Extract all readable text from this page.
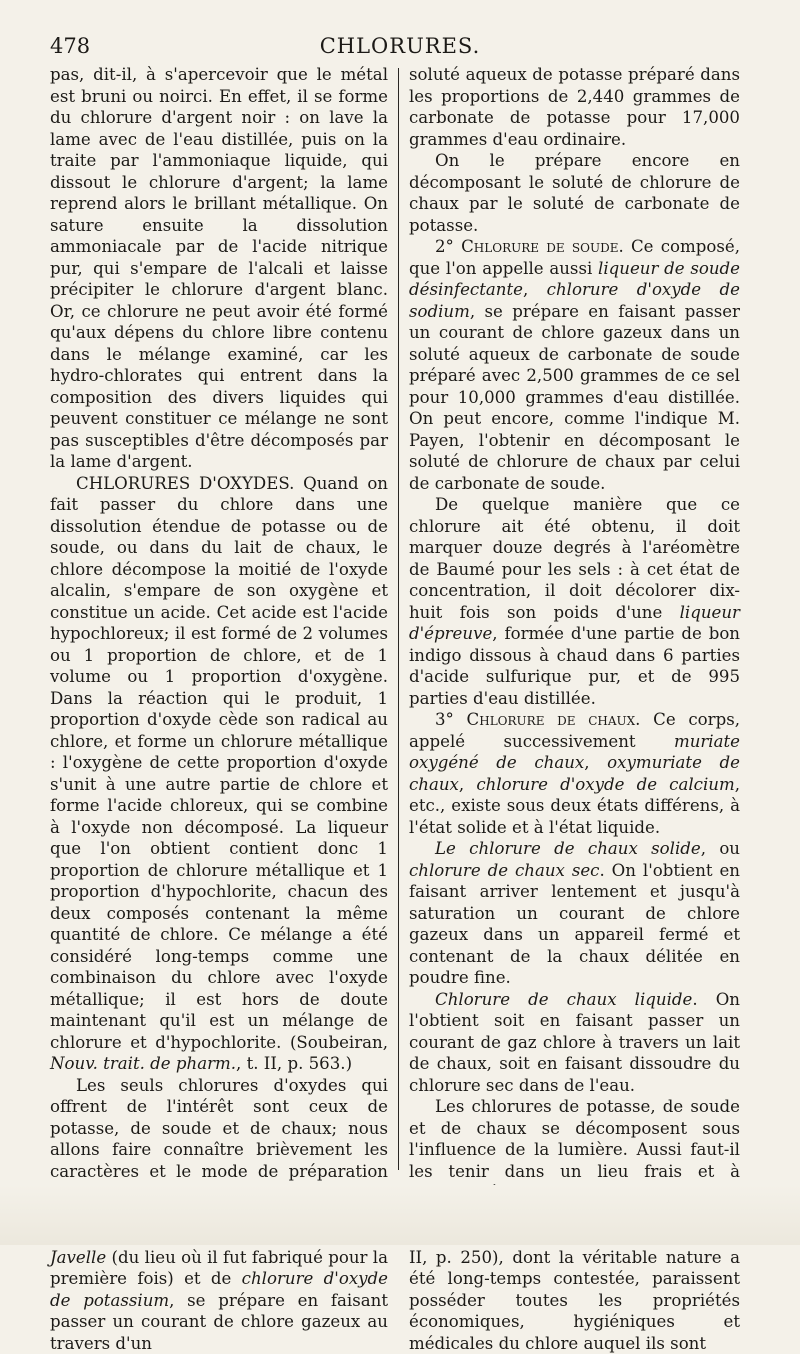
478	CHLORURES.

pas, dit-il, à s'apercevoir que le métal est bruni ou noirci. En effet, il se forme du chlorure d'argent noir : on lave la lame avec de l'eau distillée, puis on la traite par l'ammoniaque liquide, qui dissout le chlorure d'argent; la lame reprend alors le brillant métallique. On sature ensuite la dissolution ammoniacale par de l'acide nitrique pur, qui s'empare de l'alcali et laisse précipiter le chlorure d'argent blanc. Or, ce chlorure ne peut avoir été formé qu'aux dépens du chlore libre contenu dans le mélange examiné, car les hydro-chlorates qui entrent dans la composition des divers liquides qui peuvent constituer ce mélange ne sont pas susceptibles d'être décomposés par la lame d'argent.

CHLORURES D'OXYDES. Quand on fait passer du chlore dans une dissolution étendue de potasse ou de soude, ou dans du lait de chaux, le chlore décompose la moitié de l'oxyde alcalin, s'empare de son oxygène et constitue un acide. Cet acide est l'acide hypochloreux; il est formé de 2 volumes ou 1 proportion de chlore, et de 1 volume ou 1 proportion d'oxygène. Dans la réaction qui le produit, 1 proportion d'oxyde cède son radical au chlore, et forme un chlorure métallique : l'oxygène de cette proportion d'oxyde s'unit à une autre partie de chlore et forme l'acide chloreux, qui se combine à l'oxyde non décomposé. La liqueur que l'on obtient contient donc 1 proportion de chlorure métallique et 1 proportion d'hypochlorite, chacun des deux composés contenant la même quantité de chlore. Ce mélange a été considéré long-temps comme une combinaison du chlore avec l'oxyde métallique; il est hors de doute maintenant qu'il est un mélange de chlorure et d'hypochlorite. (Soubeiran, Nouv. trait. de pharm., t. II, p. 563.)

Les seuls chlorures d'oxydes qui offrent de l'intérêt sont ceux de potasse, de soude et de chaux; nous allons faire connaître brièvement les caractères et le mode de préparation

Javelle (du lieu où il fut fabriqué pour la première fois) et de chlorure d'oxyde de potassium, se prépare en faisant passer un courant de chlore gazeux au travers d'un

soluté aqueux de potasse préparé dans les proportions de 2,440 grammes de carbonate de potasse pour 17,000 grammes d'eau ordinaire.

On le prépare encore en décomposant le soluté de chlorure de chaux par le soluté de carbonate de potasse.

2° Chlorure de soude. Ce composé, que l'on appelle aussi liqueur de soude désinfectante, chlorure d'oxyde de sodium, se prépare en faisant passer un courant de chlore gazeux dans un soluté aqueux de carbonate de soude préparé avec 2,500 grammes de ce sel pour 10,000 grammes d'eau distillée. On peut encore, comme l'indique M. Payen, l'obtenir en décomposant le soluté de chlorure de chaux par celui de carbonate de soude.

De quelque manière que ce chlorure ait été obtenu, il doit marquer douze degrés à l'aréomètre de Baumé pour les sels : à cet état de concentration, il doit décolorer dix-huit fois son poids d'une liqueur d'épreuve, formée d'une partie de bon indigo dissous à chaud dans 6 parties d'acide sulfurique pur, et de 995 parties d'eau distillée.

3° Chlorure de chaux. Ce corps, appelé successivement muriate oxygéné de chaux, oxymuriate de chaux, chlorure d'oxyde de calcium, etc., existe sous deux états différens, à l'état solide et à l'état liquide.

Le chlorure de chaux solide, ou chlorure de chaux sec. On l'obtient en faisant arriver lentement et jusqu'à saturation un courant de chlore gazeux dans un appareil fermé et contenant de la chaux délitée en poudre fine.

Chlorure de chaux liquide. On l'obtient soit en faisant passer un courant de gaz chlore à travers un lait de chaux, soit en faisant dissoudre du chlorure sec dans de l'eau.

Les chlorures de potasse, de soude et de chaux se décomposent sous l'influence de la lumière. Aussi faut-il les tenir dans un lieu frais et à

II, p. 250), dont la véritable nature a été long-temps contestée, paraissent posséder toutes les propriétés économiques, hygiéniques et médicales du chlore auquel ils sont
